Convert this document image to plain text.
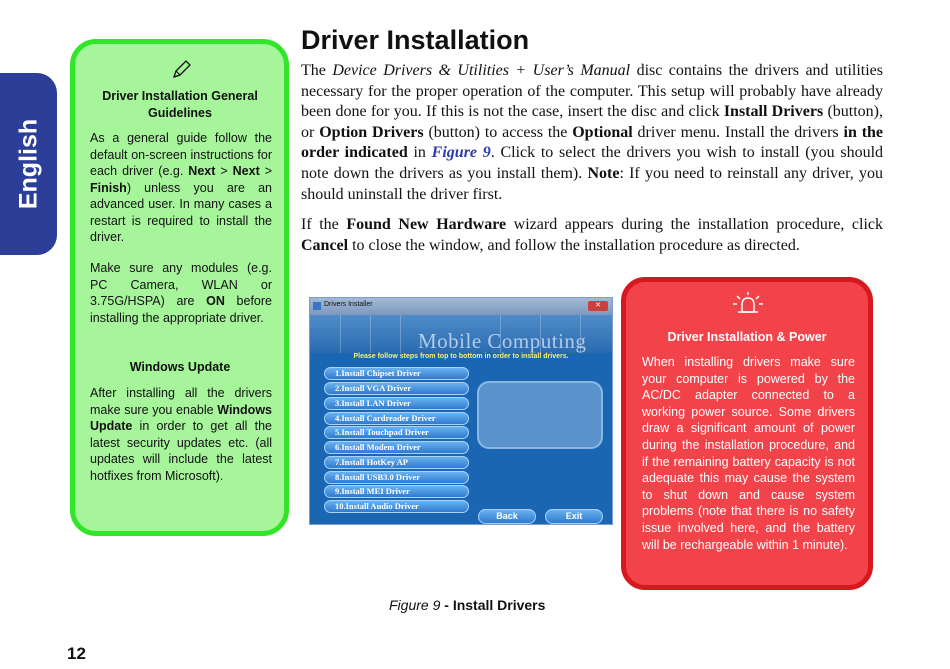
English
Driver Installation General Guidelines
As a general guide follow the default on-screen instructions for each driver (e.g. Next > Next > Finish) unless you are an advanced user. In many cases a restart is required to install the driver.
Make sure any modules (e.g. PC Camera, WLAN or 3.75G/HSPA) are ON before installing the appropriate driver.
Windows Update
After installing all the drivers make sure you enable Windows Update in order to get all the latest security updates etc. (all updates will include the latest hotfixes from Microsoft).
Driver Installation
The Device Drivers & Utilities + User’s Manual disc contains the drivers and utilities necessary for the proper operation of the computer. This setup will probably have already been done for you. If this is not the case, insert the disc and click Install Drivers (button), or Option Drivers (button) to access the Optional driver menu. Install the drivers in the order indicated in Figure 9. Click to select the drivers you wish to install (you should note down the drivers as you install them). Note: If you need to reinstall any driver, you should uninstall the driver first.
If the Found New Hardware wizard appears during the installation procedure, click Cancel to close the window, and follow the installation procedure as directed.
Drivers Installer	✕
Mobile Computing
Please follow steps from top to bottom in order to install drivers.
1.Install Chipset Driver
2.Install VGA Driver
3.Install LAN Driver
4.Install Cardreader Driver
5.Install Touchpad Driver
6.Install Modem Driver
7.Install HotKey AP
8.Install USB3.0 Driver
9.Install MEI Driver
10.Install Audio Driver
Back	Exit
Driver Installation & Power
When installing drivers make sure your computer is powered by the AC/DC adapter connected to a working power source. Some drivers draw a significant amount of power during the installation procedure, and if the remaining battery capacity is not adequate this may cause the system to shut down and cause system problems (note that there is no safety issue involved here, and the battery will be rechargeable within 1 minute).
Figure 9 - Install Drivers
12
